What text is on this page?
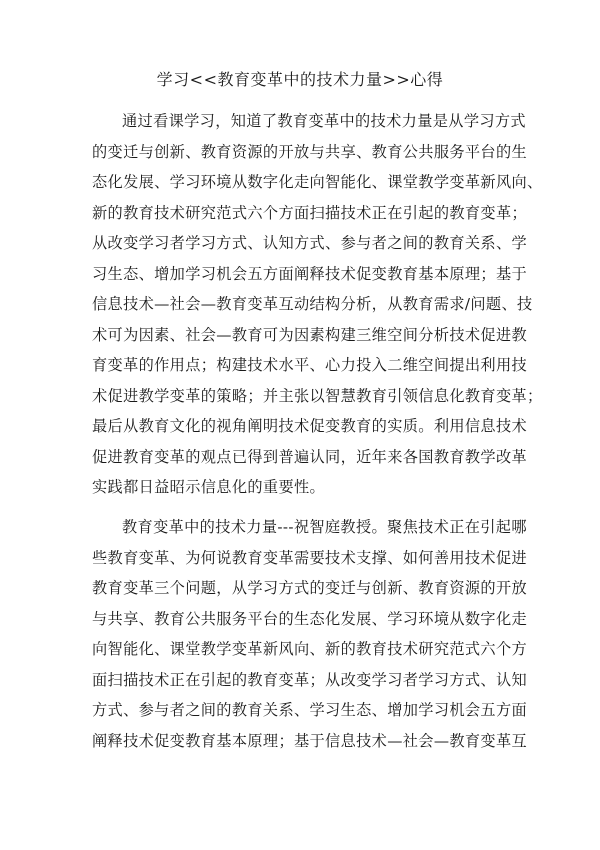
学习<<教育变革中的技术力量>>心得
通过看课学习，知道了教育变革中的技术力量是从学习方式
的变迁与创新、教育资源的开放与共享、教育公共服务平台的生
态化发展、学习环境从数字化走向智能化、课堂教学变革新风向、
新的教育技术研究范式六个方面扫描技术正在引起的教育变革；
从改变学习者学习方式、认知方式、参与者之间的教育关系、学
习生态、增加学习机会五方面阐释技术促变教育基本原理；基于
信息技术—社会—教育变革互动结构分析，从教育需求/问题、技
术可为因素、社会—教育可为因素构建三维空间分析技术促进教
育变革的作用点；构建技术水平、心力投入二维空间提出利用技
术促进教学变革的策略；并主张以智慧教育引领信息化教育变革；
最后从教育文化的视角阐明技术促变教育的实质。利用信息技术
促进教育变革的观点已得到普遍认同，近年来各国教育教学改革
实践都日益昭示信息化的重要性。
教育变革中的技术力量---祝智庭教授。聚焦技术正在引起哪
些教育变革、为何说教育变革需要技术支撑、如何善用技术促进
教育变革三个问题，从学习方式的变迁与创新、教育资源的开放
与共享、教育公共服务平台的生态化发展、学习环境从数字化走
向智能化、课堂教学变革新风向、新的教育技术研究范式六个方
面扫描技术正在引起的教育变革；从改变学习者学习方式、认知
方式、参与者之间的教育关系、学习生态、增加学习机会五方面
阐释技术促变教育基本原理；基于信息技术—社会—教育变革互
